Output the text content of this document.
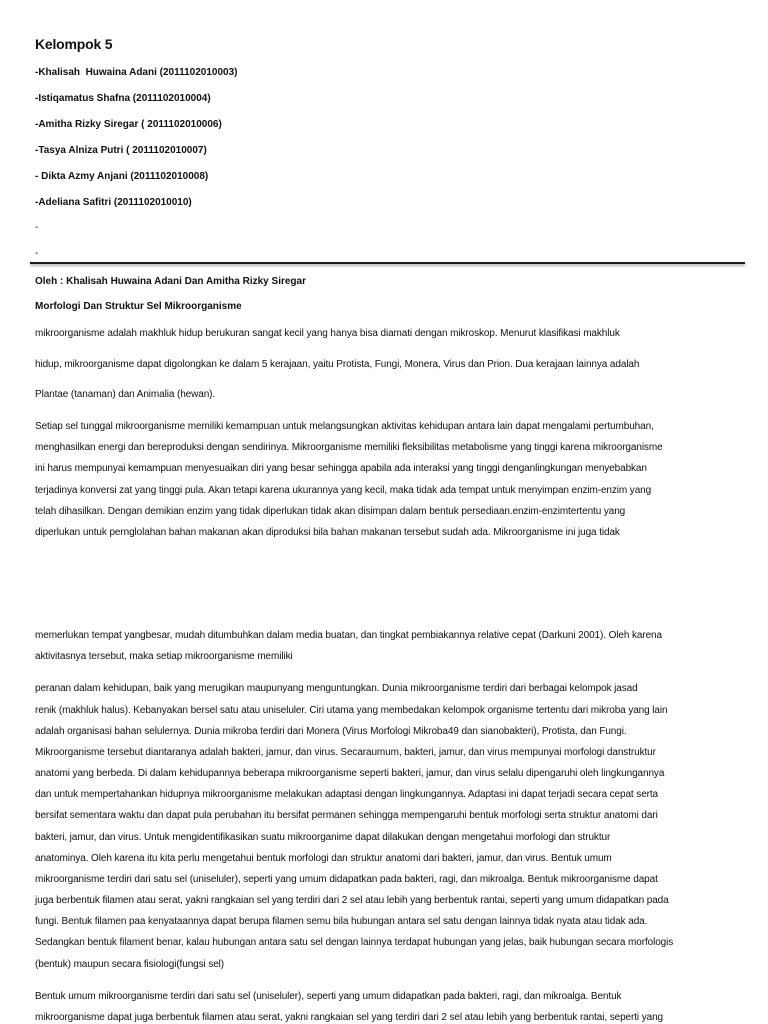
Kelompok 5
-Khalisah  Huwaina Adani (2011102010003)
-Istiqamatus Shafna (2011102010004)
-Amitha Rizky Siregar ( 2011102010006)
-Tasya Alniza Putri ( 2011102010007)
- Dikta Azmy Anjani (2011102010008)
-Adeliana Safitri (2011102010010)
-
-
Oleh : Khalisah Huwaina Adani Dan Amitha Rizky Siregar
Morfologi Dan Struktur Sel Mikroorganisme
mikroorganisme adalah makhluk hidup berukuran sangat kecil yang hanya bisa diamati dengan mikroskop. Menurut klasifikasi makhluk
hidup, mikroorganisme dapat digolongkan ke dalam 5 kerajaan, yaitu Protista, Fungi, Monera, Virus dan Prion. Dua kerajaan lainnya adalah
Plantae (tanaman) dan Animalia (hewan).
Setiap sel tunggal mikroorganisme memiliki kemampuan untuk melangsungkan aktivitas kehidupan antara lain dapat mengalami pertumbuhan,
menghasilkan energi dan bereproduksi dengan sendirinya. Mikroorganisme memiliki fleksibilitas metabolisme yang tinggi karena mikroorganisme
ini harus mempunyai kemampuan menyesuaikan diri yang besar sehingga apabila ada interaksi yang tinggi denganlingkungan menyebabkan
terjadinya konversi zat yang tinggi pula. Akan tetapi karena ukurannya yang kecil, maka tidak ada tempat untuk menyimpan enzim-enzim yang
telah dihasilkan. Dengan demikian enzim yang tidak diperlukan tidak akan disimpan dalam bentuk persediaan.enzim-enzimtertentu yang
diperlukan untuk pernglolahan bahan makanan akan diproduksi bila bahan makanan tersebut sudah ada. Mikroorganisme ini juga tidak
memerlukan tempat yangbesar, mudah ditumbuhkan dalam media buatan, dan tingkat pembiakannya relative cepat (Darkuni 2001). Oleh karena
aktivitasnya tersebut, maka setiap mikroorganisme memiliki
peranan dalam kehidupan, baik yang merugikan maupunyang menguntungkan. Dunia mikroorganisme terdiri dari berbagai kelompok jasad
renik (makhluk halus). Kebanyakan bersel satu atau uniseluler. Ciri utama yang membedakan kelompok organisme tertentu dari mikroba yang lain
adalah organisasi bahan selulernya. Dunia mikroba terdiri dari Monera (Virus Morfologi Mikroba49 dan sianobakteri), Protista, dan Fungi.
Mikroorganisme tersebut diantaranya adalah bakteri, jamur, dan virus. Secaraumum, bakteri, jamur, dan virus mempunyai morfologi danstruktur
anatomi yang berbeda. Di dalam kehidupannya beberapa mikroorganisme seperti bakteri, jamur, dan virus selalu dipengaruhi oleh lingkungannya
dan untuk mempertahankan hidupnya mikroorganisme melakukan adaptasi dengan lingkungannya. Adaptasi ini dapat terjadi secara cepat serta
bersifat sementara waktu dan dapat pula perubahan itu bersifat permanen sehingga mempengaruhi bentuk morfologi serta struktur anatomi dari
bakteri, jamur, dan virus. Untuk mengidentifikasikan suatu mikroorganime dapat dilakukan dengan mengetahui morfologi dan struktur
anatominya. Oleh karena itu kita perlu mengetahui bentuk morfologi dan struktur anatomi dari bakteri, jamur, dan virus. Bentuk umum
mikroorganisme terdiri dari satu sel (uniseluler), seperti yang umum didapatkan pada bakteri, ragi, dan mikroalga. Bentuk mikroorganisme dapat
juga berbentuk filamen atau serat, yakni rangkaian sel yang terdiri dari 2 sel atau lebih yang berbentuk rantai, seperti yang umum didapatkan pada
fungi. Bentuk filamen paa kenyataannya dapat berupa filamen semu bila hubungan antara sel satu dengan lainnya tidak nyata atau tidak ada.
Sedangkan bentuk filament benar, kalau hubungan antara satu sel dengan lainnya terdapat hubungan yang jelas, baik hubungan secara morfologis
(bentuk) maupun secara fisiologi(fungsi sel)
Bentuk umum mikroorganisme terdiri dari satu sel (uniseluler), seperti yang umum didapatkan pada bakteri, ragi, dan mikroalga. Bentuk
mikroorganisme dapat juga berbentuk filamen atau serat, yakni rangkaian sel yang terdiri dari 2 sel atau lebih yang berbentuk rantai, seperti yang
